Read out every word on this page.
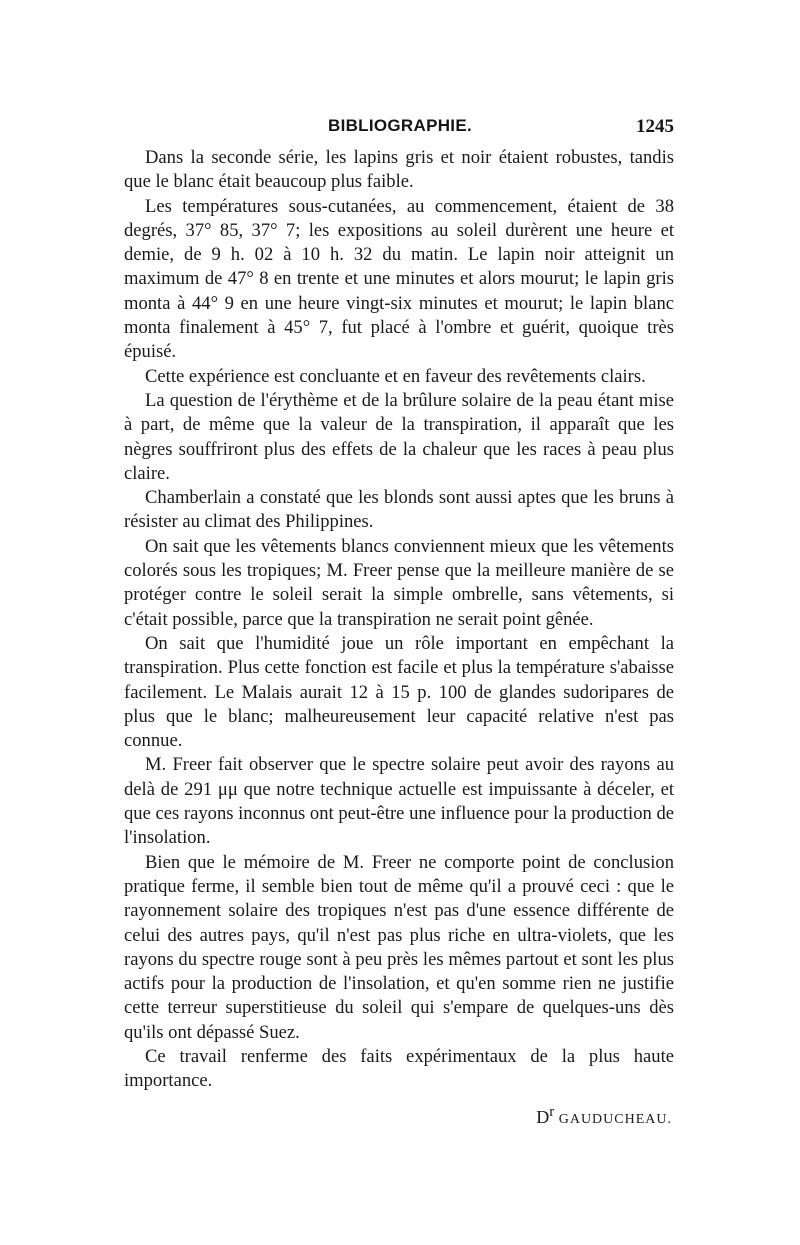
BIBLIOGRAPHIE.	1245

Dans la seconde série, les lapins gris et noir étaient robustes, tandis que le blanc était beaucoup plus faible.

Les températures sous-cutanées, au commencement, étaient de 38 degrés, 37° 85, 37° 7; les expositions au soleil durèrent une heure et demie, de 9 h. 02 à 10 h. 32 du matin. Le lapin noir atteignit un maximum de 47° 8 en trente et une minutes et alors mourut; le lapin gris monta à 44° 9 en une heure vingt-six minutes et mourut; le lapin blanc monta finalement à 45° 7, fut placé à l'ombre et guérit, quoique très épuisé.

Cette expérience est concluante et en faveur des revêtements clairs.

La question de l'érythème et de la brûlure solaire de la peau étant mise à part, de même que la valeur de la transpiration, il apparaît que les nègres souffriront plus des effets de la chaleur que les races à peau plus claire.

Chamberlain a constaté que les blonds sont aussi aptes que les bruns à résister au climat des Philippines.

On sait que les vêtements blancs conviennent mieux que les vêtements colorés sous les tropiques; M. Freer pense que la meilleure manière de se protéger contre le soleil serait la simple ombrelle, sans vêtements, si c'était possible, parce que la transpiration ne serait point gênée.

On sait que l'humidité joue un rôle important en empêchant la transpiration. Plus cette fonction est facile et plus la température s'abaisse facilement. Le Malais aurait 12 à 15 p. 100 de glandes sudoripares de plus que le blanc; malheureusement leur capacité relative n'est pas connue.

M. Freer fait observer que le spectre solaire peut avoir des rayons au delà de 291 μμ que notre technique actuelle est impuissante à déceler, et que ces rayons inconnus ont peut-être une influence pour la production de l'insolation.

Bien que le mémoire de M. Freer ne comporte point de conclusion pratique ferme, il semble bien tout de même qu'il a prouvé ceci : que le rayonnement solaire des tropiques n'est pas d'une essence différente de celui des autres pays, qu'il n'est pas plus riche en ultra-violets, que les rayons du spectre rouge sont à peu près les mêmes partout et sont les plus actifs pour la production de l'insolation, et qu'en somme rien ne justifie cette terreur superstitieuse du soleil qui s'empare de quelques-uns dès qu'ils ont dépassé Suez.

Ce travail renferme des faits expérimentaux de la plus haute importance.

$D^r$ GAUDUCHEAU.
